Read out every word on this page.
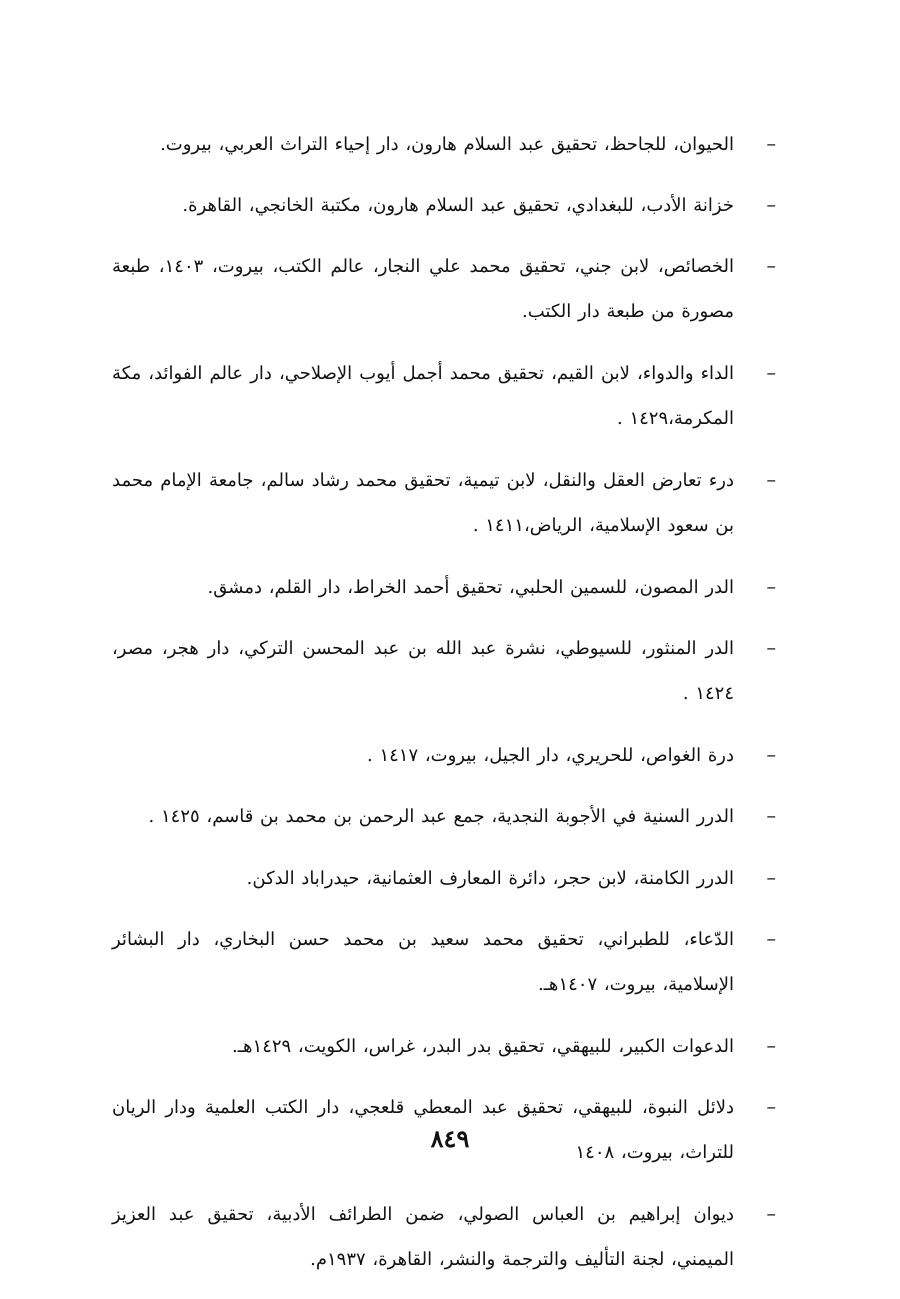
–
الحيوان، للجاحظ، تحقيق عبد السلام هارون، دار إحياء التراث العربي، بيروت.
–
خزانة الأدب، للبغدادي، تحقيق عبد السلام هارون، مكتبة الخانجي، القاهرة.
–
الخصائص، لابن جني، تحقيق محمد علي النجار، عالم الكتب، بيروت، ١٤٠٣، طبعة مصورة من طبعة دار الكتب.
–
الداء والدواء، لابن القيم، تحقيق محمد أجمل أيوب الإصلاحي، دار عالم الفوائد، مكة المكرمة،١٤٢٩ .
–
درء تعارض العقل والنقل، لابن تيمية، تحقيق محمد رشاد سالم، جامعة الإمام محمد بن سعود الإسلامية، الرياض،١٤١١ .
–
الدر المصون، للسمين الحلبي، تحقيق أحمد الخراط، دار القلم، دمشق.
–
الدر المنثور، للسيوطي، نشرة عبد الله بن عبد المحسن التركي، دار هجر، مصر، ١٤٢٤ .
–
درة الغواص، للحريري، دار الجيل، بيروت، ١٤١٧ .
–
الدرر السنية في الأجوبة النجدية، جمع عبد الرحمن بن محمد بن قاسم، ١٤٢٥ .
–
الدرر الكامنة، لابن حجر، دائرة المعارف العثمانية، حيدراباد الدكن.
–
الدّعاء، للطبراني، تحقيق محمد سعيد بن محمد حسن البخاري، دار البشائر الإسلامية، بيروت، ١٤٠٧هـ.
–
الدعوات الكبير، للبيهقي، تحقيق بدر البدر، غراس، الكويت، ١٤٢٩هـ.
–
دلائل النبوة، للبيهقي، تحقيق عبد المعطي قلعجي، دار الكتب العلمية ودار الريان للتراث، بيروت، ١٤٠٨
–
ديوان إبراهيم بن العباس الصولي، ضمن الطرائف الأدبية، تحقيق عبد العزيز الميمني، لجنة التأليف والترجمة والنشر، القاهرة، ١٩٣٧م.
٨٤٩
